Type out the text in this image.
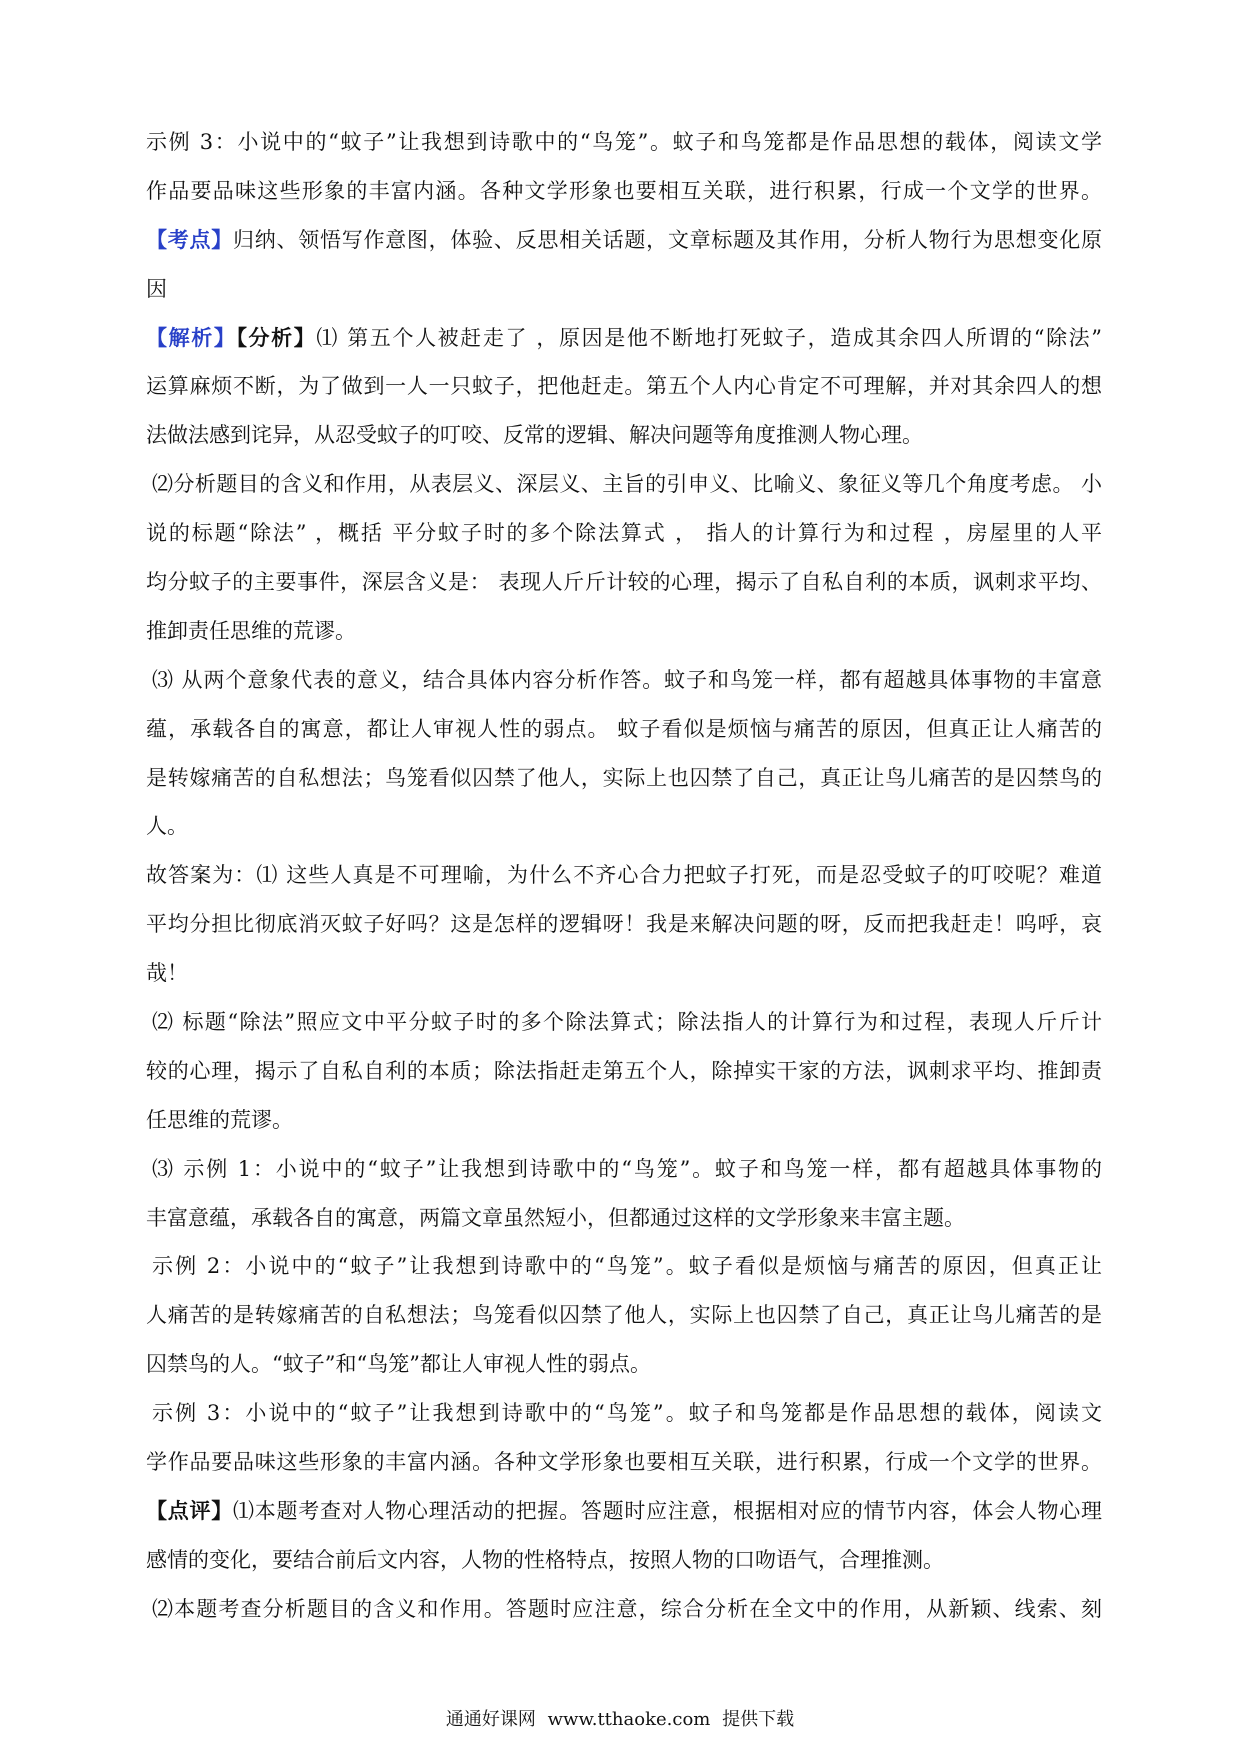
示例 3：小说中的“蚊子”让我想到诗歌中的“鸟笼”。蚊子和鸟笼都是作品思想的载体，阅读文学
作品要品味这些形象的丰富内涵。各种文学形象也要相互关联，进行积累，行成一个文学的世界。
【考点】归纳、领悟写作意图，体验、反思相关话题，文章标题及其作用，分析人物行为思想变化原
因
【解析】【分析】⑴ 第五个人被赶走了 ，原因是他不断地打死蚊子，造成其余四人所谓的“除法”
运算麻烦不断，为了做到一人一只蚊子，把他赶走。第五个人内心肯定不可理解，并对其余四人的想
法做法感到诧异，从忍受蚊子的叮咬、反常的逻辑、解决问题等角度推测人物心理。
⑵分析题目的含义和作用，从表层义、深层义、主旨的引申义、比喻义、象征义等几个角度考虑。 小
说的标题“除法” ，概括 平分蚊子时的多个除法算式 ， 指人的计算行为和过程 ，房屋里的人平
均分蚊子的主要事件，深层含义是： 表现人斤斤计较的心理，揭示了自私自利的本质，讽刺求平均、
推卸责任思维的荒谬。
⑶ 从两个意象代表的意义，结合具体内容分析作答。蚊子和鸟笼一样，都有超越具体事物的丰富意
蕴，承载各自的寓意，都让人审视人性的弱点。 蚊子看似是烦恼与痛苦的原因，但真正让人痛苦的
是转嫁痛苦的自私想法；鸟笼看似囚禁了他人，实际上也囚禁了自己，真正让鸟儿痛苦的是囚禁鸟的
人。
故答案为：⑴ 这些人真是不可理喻，为什么不齐心合力把蚊子打死，而是忍受蚊子的叮咬呢？难道
平均分担比彻底消灭蚊子好吗？这是怎样的逻辑呀！我是来解决问题的呀，反而把我赶走！呜呼，哀
哉！
⑵ 标题“除法”照应文中平分蚊子时的多个除法算式；除法指人的计算行为和过程，表现人斤斤计
较的心理，揭示了自私自利的本质；除法指赶走第五个人，除掉实干家的方法，讽刺求平均、推卸责
任思维的荒谬。
⑶ 示例 1：小说中的“蚊子”让我想到诗歌中的“鸟笼”。蚊子和鸟笼一样，都有超越具体事物的
丰富意蕴，承载各自的寓意，两篇文章虽然短小，但都通过这样的文学形象来丰富主题。
示例 2：小说中的“蚊子”让我想到诗歌中的“鸟笼”。蚊子看似是烦恼与痛苦的原因，但真正让
人痛苦的是转嫁痛苦的自私想法；鸟笼看似囚禁了他人，实际上也囚禁了自己，真正让鸟儿痛苦的是
囚禁鸟的人。“蚊子”和“鸟笼”都让人审视人性的弱点。
示例 3：小说中的“蚊子”让我想到诗歌中的“鸟笼”。蚊子和鸟笼都是作品思想的载体，阅读文
学作品要品味这些形象的丰富内涵。各种文学形象也要相互关联，进行积累，行成一个文学的世界。
【点评】⑴本题考查对人物心理活动的把握。答题时应注意，根据相对应的情节内容，体会人物心理
感情的变化，要结合前后文内容，人物的性格特点，按照人物的口吻语气，合理推测。
⑵本题考查分析题目的含义和作用。答题时应注意，综合分析在全文中的作用，从新颖、线索、刻
通通好课网 www.tthaoke.com 提供下载
